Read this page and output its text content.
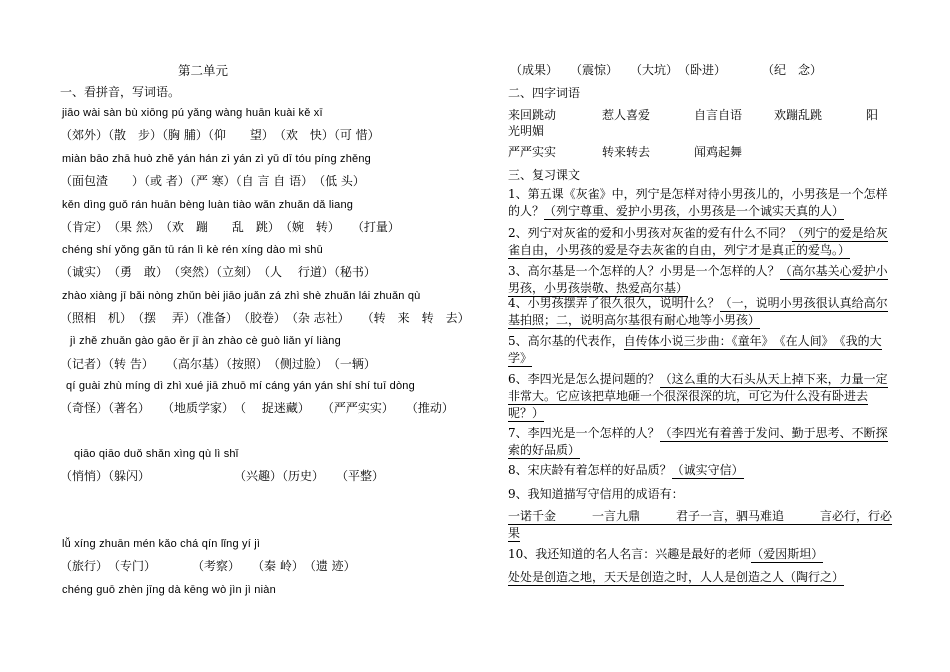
第二单元
一、看拼音，写词语。
jiāo wài sàn bù xiōng pú yǎng wàng huān kuài kě xī
（郊外）（散　步）（胸 脯）（仰　　望）　（欢　快）（可 惜）
miàn bāo zhā huò zhě yán hán zì yán zì yǔ dī tóu píng zhěng
（面包渣　　）（或 者）（严 寒）（自 言 自 语）　（低 头）
kěn dìng guǒ rán huān bèng luàn tiào wǎn zhuǎn dǎ liang
（肯定）　（果 然）　（欢　蹦　　乱　跳）　（婉　转）　　（打量）
chéng shí yǒng gǎn tū rán lì kè rén xíng dào mì shū
（诚实）　（勇　敢）　（突然）（立刻）　（人　 行道）（秘书）
zhào xiàng jī bǎi nòng zhǔn bèi jiāo juǎn zá zhì shè zhuǎn lái zhuǎn qù
（照相　机）　（摆　 弄）（准备）　（胶卷）　（杂 志社）　　（转　来　转　去）
jì zhě zhuǎn gào gāo ěr jī àn zhào cè guò liǎn yí liàng
（记者）（转 告）　　（高尔基）（按照）　（侧过脸）　（一辆）
qí guài zhù míng dì zhì xué jiā zhuō mí cáng yán yán shí shí tuī dòng
（奇怪）（著名）　　（地质学家）　（　 捉迷藏）　　（严严实实）　　（推动）
qiāo qiāo duǒ shǎn xìng qù lì shǐ
（悄悄）（躲闪）　　　　　　　　（兴趣）（历史）　　（平整）
lǚ xíng zhuān mén kǎo chá qín lǐng yí jì
（旅行）　（专门）　　　　（考察）　　（秦 岭）　（遗 迹）
chéng guō zhèn jīng dà kēng wò jìn jì niàn
（成果）　　（震惊）　　（大坑）　（卧进）　　　　（纪　念）
二、四字词语
来回跳动	惹人喜爱	自言自语	欢蹦乱跳	阳
光明媚
严严实实	转来转去	闻鸡起舞
三、复习课文
1、第五课《灰雀》中，列宁是怎样对待小男孩儿的，小男孩是一个怎样的人？（列宁尊重、爱护小男孩，小男孩是一个诚实天真的人）
2、列宁对灰雀的爱和小男孩对灰雀的爱有什么不同？（列宁的爱是给灰雀自由，小男孩的爱是夺去灰雀的自由，列宁才是真正的爱鸟。）
3、高尔基是一个怎样的人？小男是一个怎样的人？（高尔基关心爱护小男孩，小男孩崇敬、热爱高尔基）
4、小男孩摆弄了很久很久，说明什么？（一，说明小男孩很认真给高尔基拍照；二，说明高尔基很有耐心地等小男孩）
5、高尔基的代表作，自传体小说三步曲：《童年》　《在人间》　《我的大学》
6、李四光是怎么提问题的？（这么重的大石头从天上掉下来，力量一定非常大。它应该把草地砸一个很深很深的坑，可它为什么没有卧进去呢？）
7、李四光是一个怎样的人？（李四光有着善于发问、勤于思考、不断探索的好品质）
8、宋庆龄有着怎样的好品质？（诚实守信）
9、我知道描写守信用的成语有：
一诺千金　　　一言九鼎　　　君子一言，驷马难追　　　言必行，行必果
10、我还知道的名人名言：兴趣是最好的老师（爱因斯坦）
处处是创造之地，天天是创造之时，人人是创造之人（陶行之）
